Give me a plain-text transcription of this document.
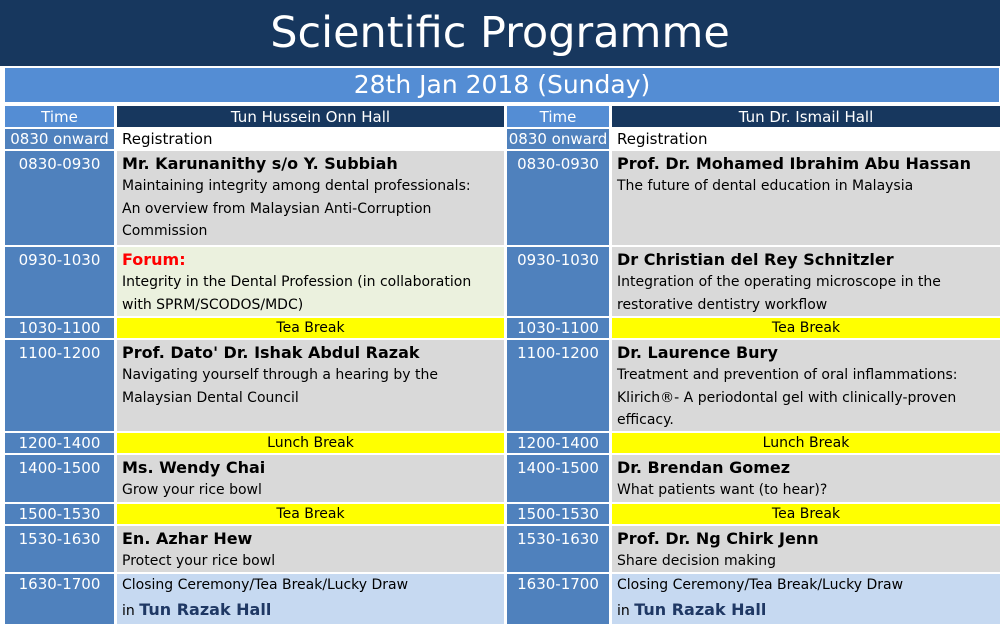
Scientific Programme
28th Jan 2018 (Sunday)
Time	Tun Hussein Onn Hall
0830 onward Registration
0830-0930	Mr. Karunanithy s/o Y. Subbiah
Maintaining integrity among dental professionals:
An overview from Malaysian Anti-Corruption
Commission
0930-1030	Forum:
Integrity in the Dental Profession (in collaboration
with SPRM/SCODOS/MDC)
1030-1100	Tea Break
1100-1200	Prof. Dato' Dr. Ishak Abdul Razak
Navigating yourself through a hearing by the
Malaysian Dental Council
1200-1400	Lunch Break
1400-1500	Ms. Wendy Chai
Grow your rice bowl
1500-1530	Tea Break
1530-1630	En. Azhar Hew
Protect your rice bowl
1630-1700	Closing Ceremony/Tea Break/Lucky Draw
in Tun Razak Hall
Time	Tun Dr. Ismail Hall
0830 onward Registration
0830-0930	Prof. Dr. Mohamed Ibrahim Abu Hassan
The future of dental education in Malaysia
0930-1030	Dr Christian del Rey Schnitzler
Integration of the operating microscope in the
restorative dentistry workflow
1030-1100	Tea Break
1100-1200	Dr. Laurence Bury
Treatment and prevention of oral inflammations:
Klirich®- A periodontal gel with clinically-proven
efficacy.
1200-1400	Lunch Break
1400-1500	Dr. Brendan Gomez
What patients want (to hear)?
1500-1530	Tea Break
1530-1630	Prof. Dr. Ng Chirk Jenn
Share decision making
1630-1700	Closing Ceremony/Tea Break/Lucky Draw
in Tun Razak Hall
